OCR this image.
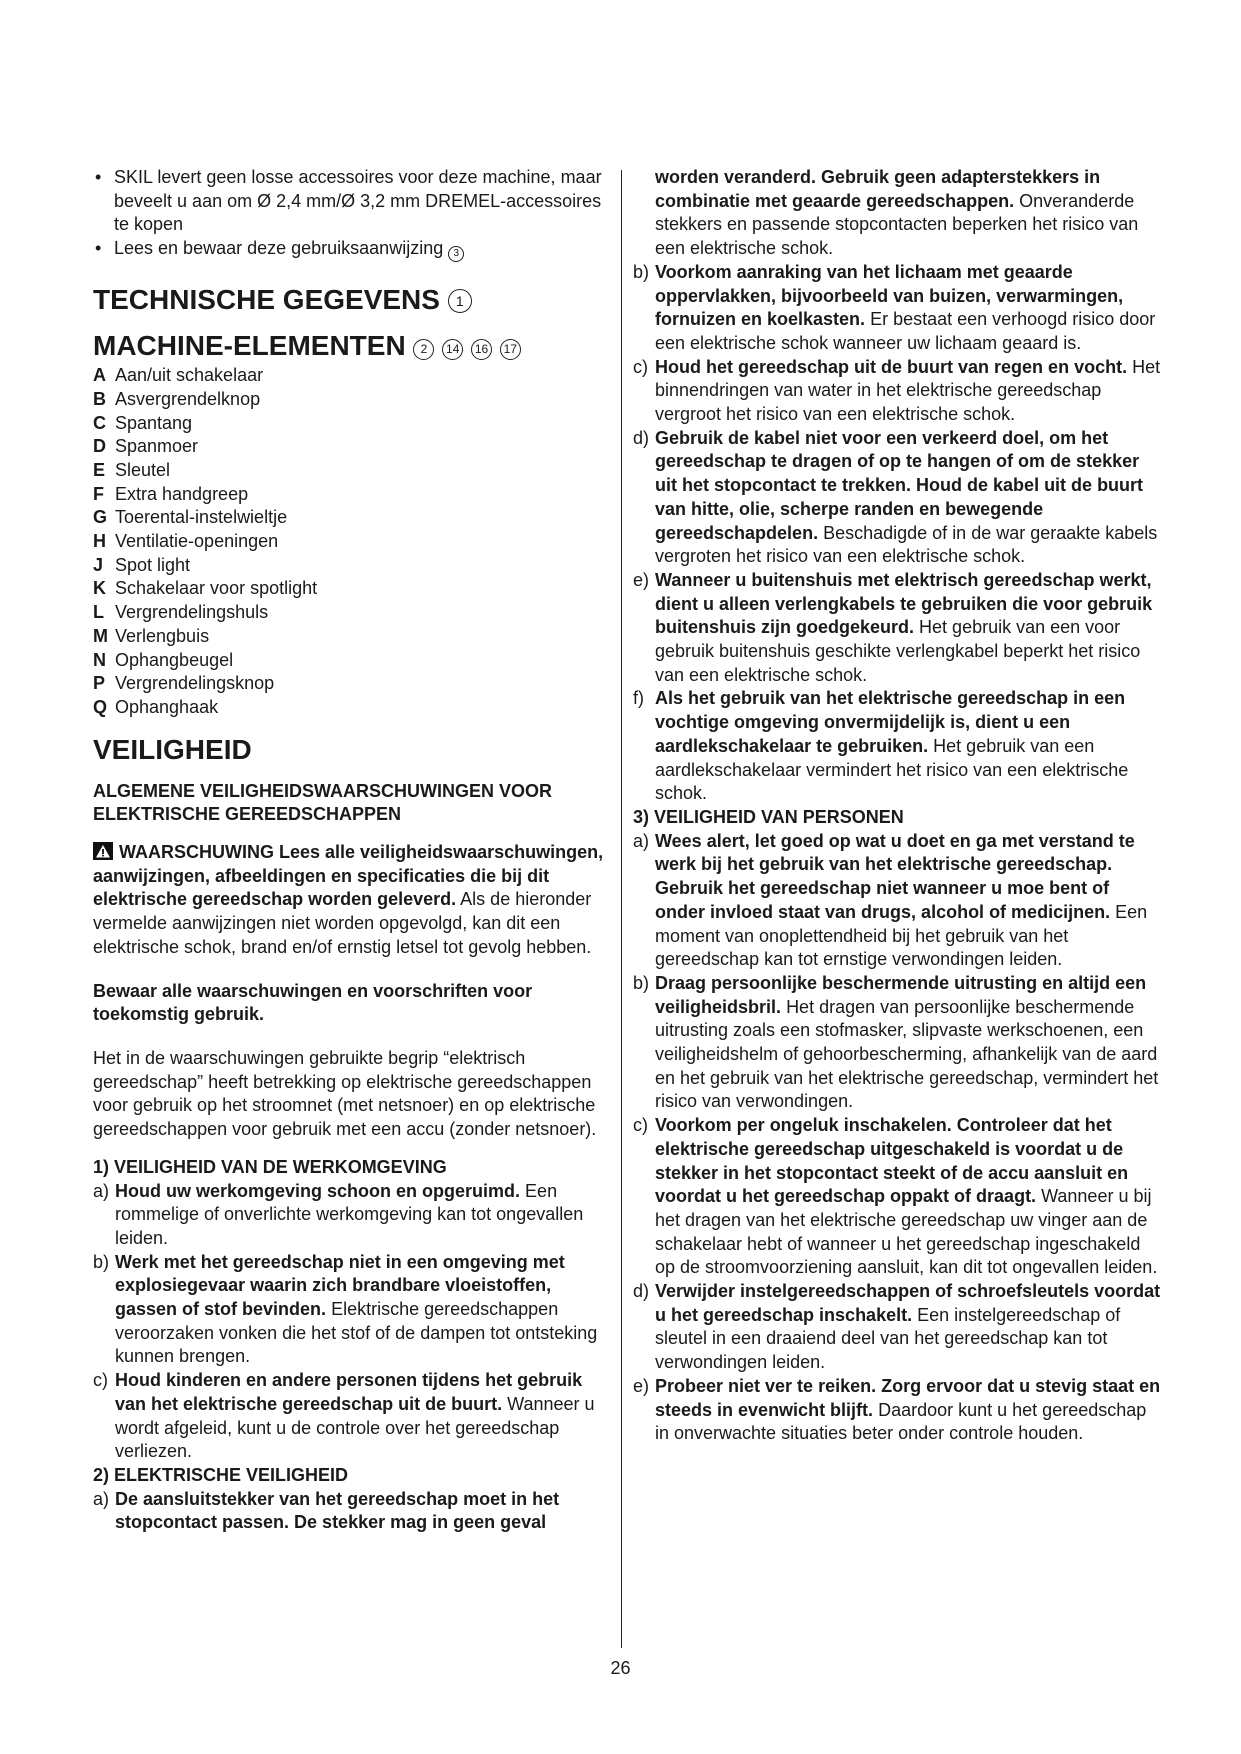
• SKIL levert geen losse accessoires voor deze machine, maar beveelt u aan om Ø 2,4 mm/Ø 3,2 mm DREMEL-accessoires te kopen

• Lees en bewaar deze gebruiksaanwijzing 3

TECHNISCHE GEGEVENS 1
MACHINE-ELEMENTEN 2 14 16 17

A Aan/uit schakelaar

B Asvergrendelknop

C Spantang

D Spanmoer

E Sleutel

F Extra handgreep

G Toerental-instelwieltje

H Ventilatie-openingen

J Spot light

K Schakelaar voor spotlight

L Vergrendelingshuls

M Verlengbuis

N Ophangbeugel

P Vergrendelingsknop

Q Ophanghaak

VEILIGHEID

ALGEMENE VEILIGHEIDSWAARSCHUWINGEN VOOR ELEKTRISCHE GEREEDSCHAPPEN

WAARSCHUWING Lees alle veiligheidswaarschuwingen, aanwijzingen, afbeeldingen en specificaties die bij dit elektrische gereedschap worden geleverd. Als de hieronder vermelde aanwijzingen niet worden opgevolgd, kan dit een elektrische schok, brand en/of ernstig letsel tot gevolg hebben.

Bewaar alle waarschuwingen en voorschriften voor toekomstig gebruik.

Het in de waarschuwingen gebruikte begrip “elektrisch gereedschap” heeft betrekking op elektrische gereedschappen voor gebruik op het stroomnet (met netsnoer) en op elektrische gereedschappen voor gebruik met een accu (zonder netsnoer).

1) VEILIGHEID VAN DE WERKOMGEVING

a) Houd uw werkomgeving schoon en opgeruimd. Een rommelige of onverlichte werkomgeving kan tot ongevallen leiden.

b) Werk met het gereedschap niet in een omgeving met explosiegevaar waarin zich brandbare vloeistoffen, gassen of stof bevinden. Elektrische gereedschappen veroorzaken vonken die het stof of de dampen tot ontsteking kunnen brengen.

c) Houd kinderen en andere personen tijdens het gebruik van het elektrische gereedschap uit de buurt. Wanneer u wordt afgeleid, kunt u de controle over het gereedschap verliezen.

2) ELEKTRISCHE VEILIGHEID

a) De aansluitstekker van het gereedschap moet in het stopcontact passen. De stekker mag in geen geval

worden veranderd. Gebruik geen adapterstekkers in combinatie met geaarde gereedschappen. Onveranderde stekkers en passende stopcontacten beperken het risico van een elektrische schok.

b) Voorkom aanraking van het lichaam met geaarde oppervlakken, bijvoorbeeld van buizen, verwarmingen, fornuizen en koelkasten. Er bestaat een verhoogd risico door een elektrische schok wanneer uw lichaam geaard is.

c) Houd het gereedschap uit de buurt van regen en vocht. Het binnendringen van water in het elektrische gereedschap vergroot het risico van een elektrische schok.

d) Gebruik de kabel niet voor een verkeerd doel, om het gereedschap te dragen of op te hangen of om de stekker uit het stopcontact te trekken. Houd de kabel uit de buurt van hitte, olie, scherpe randen en bewegende gereedschapdelen. Beschadigde of in de war geraakte kabels vergroten het risico van een elektrische schok.

e) Wanneer u buitenshuis met elektrisch gereedschap werkt, dient u alleen verlengkabels te gebruiken die voor gebruik buitenshuis zijn goedgekeurd. Het gebruik van een voor gebruik buitenshuis geschikte verlengkabel beperkt het risico van een elektrische schok.

f) Als het gebruik van het elektrische gereedschap in een vochtige omgeving onvermijdelijk is, dient u een aardlekschakelaar te gebruiken. Het gebruik van een aardlekschakelaar vermindert het risico van een elektrische schok.

3) VEILIGHEID VAN PERSONEN

a) Wees alert, let goed op wat u doet en ga met verstand te werk bij het gebruik van het elektrische gereedschap. Gebruik het gereedschap niet wanneer u moe bent of onder invloed staat van drugs, alcohol of medicijnen. Een moment van onoplettendheid bij het gebruik van het gereedschap kan tot ernstige verwondingen leiden.

b) Draag persoonlijke beschermende uitrusting en altijd een veiligheidsbril. Het dragen van persoonlijke beschermende uitrusting zoals een stofmasker, slipvaste werkschoenen, een veiligheidshelm of gehoorbescherming, afhankelijk van de aard en het gebruik van het elektrische gereedschap, vermindert het risico van verwondingen.

c) Voorkom per ongeluk inschakelen. Controleer dat het elektrische gereedschap uitgeschakeld is voordat u de stekker in het stopcontact steekt of de accu aansluit en voordat u het gereedschap oppakt of draagt. Wanneer u bij het dragen van het elektrische gereedschap uw vinger aan de schakelaar hebt of wanneer u het gereedschap ingeschakeld op de stroomvoorziening aansluit, kan dit tot ongevallen leiden.

d) Verwijder instelgereedschappen of schroefsleutels voordat u het gereedschap inschakelt. Een instelgereedschap of sleutel in een draaiend deel van het gereedschap kan tot verwondingen leiden.

e) Probeer niet ver te reiken. Zorg ervoor dat u stevig staat en steeds in evenwicht blijft. Daardoor kunt u het gereedschap in onverwachte situaties beter onder controle houden.

26
